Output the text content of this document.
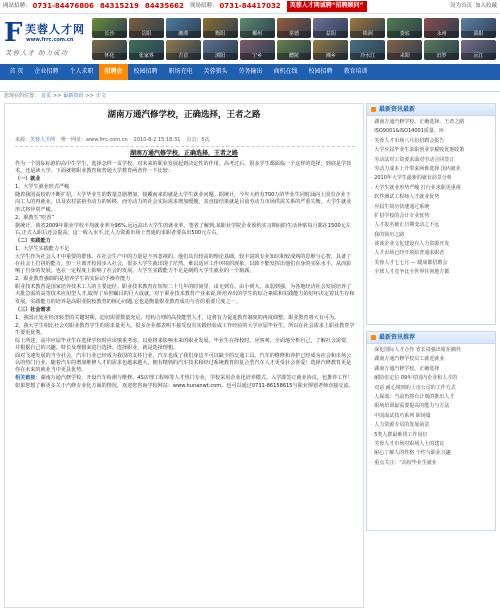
网站招聘： 0731-84476806 84315219 84435662 现场招聘： 0731-84417032	芙蓉人才网诚聘“招聘顾问”	设为首页 加入收藏
F 芙蓉人才网
www.frrc.com.cn
芙蓉人才 助力成功
长沙	岳阳	湘潭	衡阳	郴州	常德	益阳	株洲	娄底	永州	邵阳
怀化	张家界	吉首	浏阳	宁乡	醴陵	湘乡	冷水江	耒阳	汨罗	沅江
首 页	企业招聘	个人求职	招聘会	校园招聘	职场充电	芙蓉猎头	劳务输出	商机在线	校园招聘	教育培训
您现在的位置： 首页 >> 最新资讯 >> 正文
湖南万通汽修学校，正确选择，王者之路
来源：芙蓉人才网 唯一网址：www.frrc.com.cn 2010-8-2 15:18:31 点击：5次
湖南万通汽修学校，正确选择，王者之路

作为一个国际标准的高中生学生，选择怎样一页学校，对未来的职业发展起到决定性的作用。高考过后，很多学生都面临一个这样的选择，到底是学技术，还是读大学。下面就将职业教育和普通大学教育两者作一下比较：

（一）就业

1、大学生就业形式严峻

随着我国高校的不断扩招，大学毕业生的数量急剧增加，接踵而来的就是大学生就业问题。据统计，今年大约有700万的毕业生同时涌向上国有企业下岗工人的再就业，以及农村富裕劳动力的转移，而劳动力的社会实际需求增加缓慢，其直接结果就是目前劳动力市场供需关系的严重失衡，大学生就业形式将异常严峻。

2、职教生“吃香”

据统计，我省2009年职业学校平均就业率为96%,远远高出大学生的就业率。笔者了解到,某职业学院企业预约实习期间的生活补贴每月都在1500元左右,正式入职后还会提高。这一收入水平,比人力资源市场上普通的求职者要高出500元左右。

（二）实践能力

1、大学生实践能力不足

大学生作为社会人才中重要的群体，在社会生产中的力量是不容忽视的。他们具有较高的理论基础，较丰富的专业知识和较成熟的思维与心智，具备了在社会上打拼的能力，但一旦离开校园步入社会，很多大学生就出现了茫然、难以适应工作环境的现象，以致不能发挥出他们自身的实际水平，从而影响了自身的发展，也在一定程度上影响了社会的发展。大学生实践能力不足是制约大学生就业的一个瓶颈。

2、职业教育强调的是培养学生的实际动手操作能力

职业技术教育是国家培养技术工人的主要途径。职业技术教育在短短二十几年的时间里，由无到有、由小到大、从弱到强，为各地经济社会发展培养了大批急需的高等技术应用型人才,取得了举世瞩目的巨大成就。对于职业技术教育产业来说,所培养出的学生的综合素质和实践能力的好坏决定着其生存和发展。实践能力的培养是高职业院校教育的核心问题,它也是衡量职业教育成功与否的重要尺度之一。

（三）社会需求

1、我国正处在经济转型的关键时期，迫切需要数量充足、结构合理的高技能型人才，这将有力促进教育制度的再度调整，职业教育将大有可为。

2、我大学生相比社会对职业教育学生的需求量更大。很多企业都表明不接受没有实践经验或工作经验的大学应届毕业生，所以在社会需求上职业教育学生要更优秀。

综上所述，高中应届毕业生在选择学校时应该慎重考虑，以免将来影响未来的职业发展。毕业生在择校时，应客观、全面地分析自己，了解社会需要，并根据自己的兴趣、特长及理想来进行选择。选择职业，就是选择理想。

面对飞速发展的当今社会，汽车行业已经成为我国的支柱行业，汽车也成了我们身边不可以缺少的交通工具。汽车的维修和养护已经成为社会和市场公认的热门行业，随着汽车的增加维修人才的需求也越来越大，拥有精熟的汽车技术和经过系统教育的复合型汽车人才更受社会喜爱！选择汽修教育更是你在未来的就业当中更具优势。

相关链接：湖南万通汽修学校，开设汽车检测与维修、4S店理工程师等人才热门专业，学校采用企业化培养模式。入学即签订就业协议，包推荐工作！如果您想了解更多关于汽修专业化方面的情况，欢迎您咨询学校网站：www.hunanwt.com。也可以通过0731-86158615与职业规划老师直接交流。

最新资讯最新
· 湖南万通汽修学校，正确选择，王者之路
· ISO9001&ISO14001质量、环
· 芙蓉人才市场八月份招聘会报告
· 大学应届毕业生求职创业享税收优惠政策
· 劳动法对工资要求面对劳动合同签订
· 劳动力成本上升带来两难选择 国内就业
· 2010年大学生最新的就业前景分析
· 大学生就业形势严峻 打行业求职更重视
· 软件测试工程师人才就业优势
· 应届生简历快速通过系统
· 扩招学校的会计专业优势
· 人才报名截止日期变动之不远
· 我的简历之路
· 谈谈企业文化建设有人力资源开发
· 人才市场已经开放给普通求职者
· 芙蓉人才七七月 — 暖成都招聘会
· 全球人才竞争比全世界任何地方都
最新资讯推荐
· 深化国际人才合作 省长周强出席在湘外
· 湖南万通汽修学校员工就近就业
· 湖南万通汽修学校，正确选择
· 耐防张定位 09年对国内企业和人才的
· 对话 耐心规则的上市公司的工作方式
· 人保部：当前仍将有计划的推出人才
· 职场培训最需要提高的能力与方法
· 中国面试技巧系列 职场篇
· 人力资源专员的发展前景
· 5类人群最难找工作岗位
· 芙蓉人才市场对职场人士的建议
· 耐心了解人的性格 个性与职业兴趣
· 重点关注：“高校毕业生就业
